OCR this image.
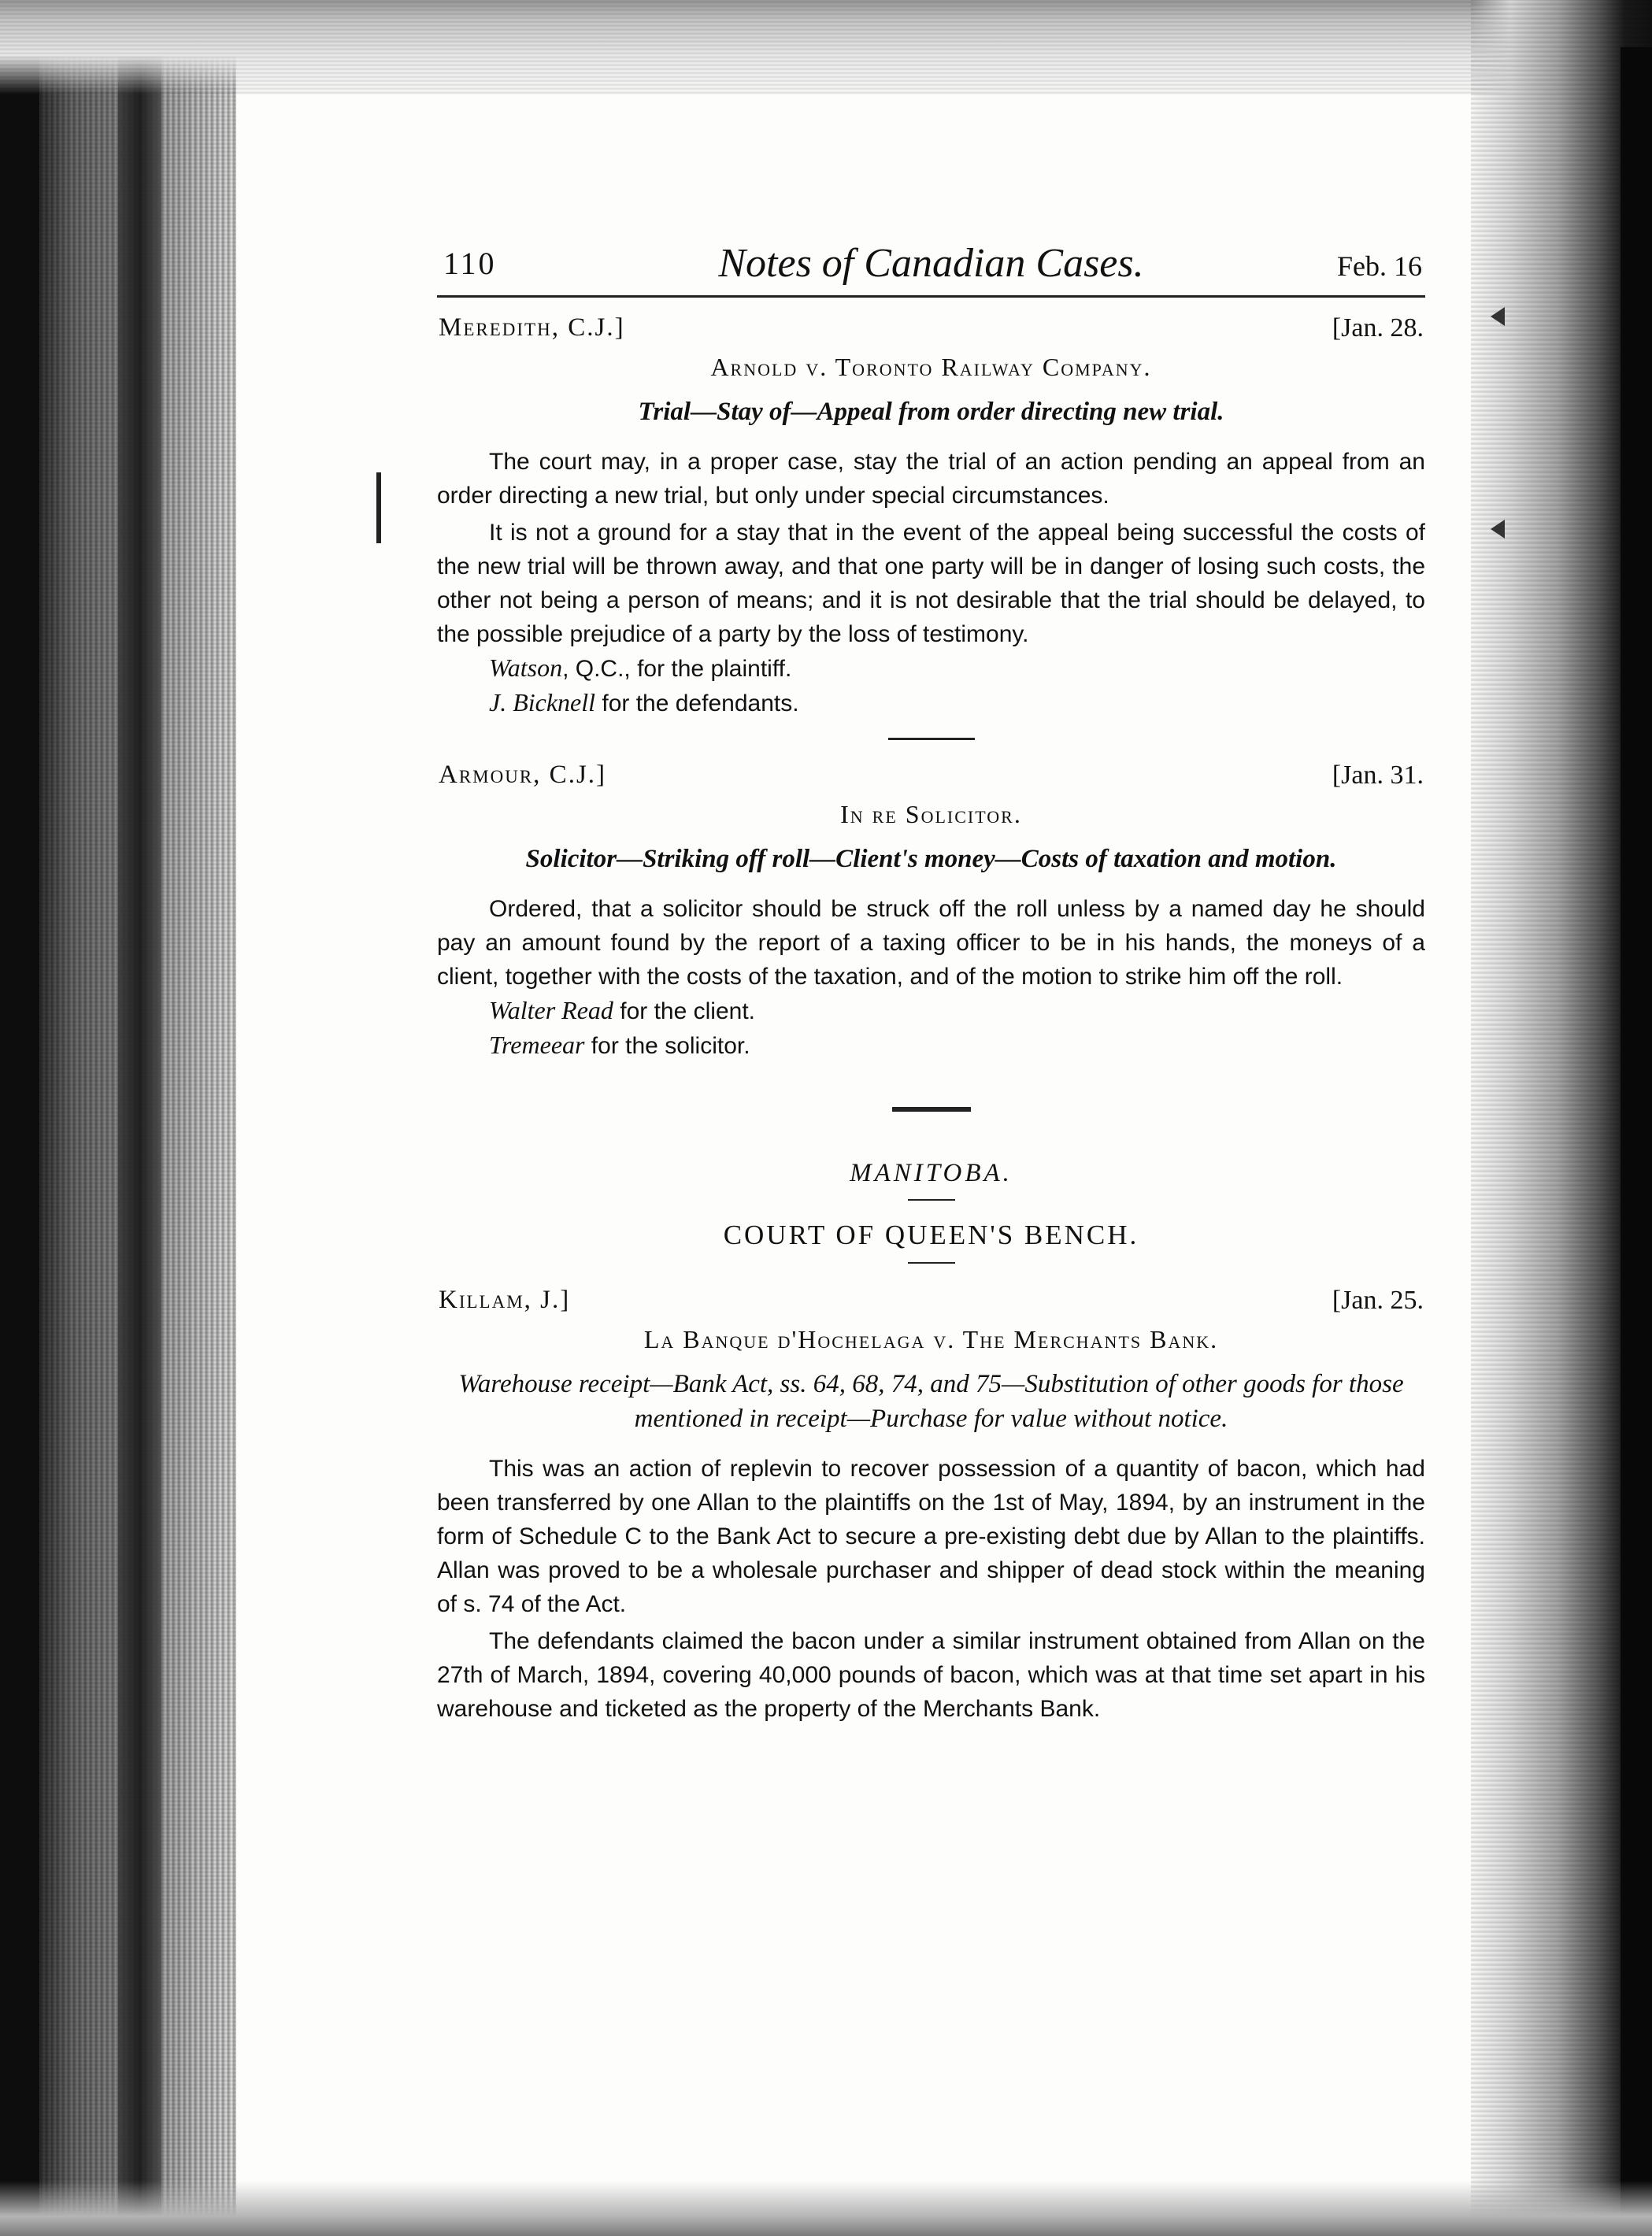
110	Notes of Canadian Cases.	Feb. 16
Meredith, C.J.]	[Jan. 28.
Arnold v. Toronto Railway Company.
Trial—Stay of—Appeal from order directing new trial.

The court may, in a proper case, stay the trial of an action pending an appeal from an order directing a new trial, but only under special circumstances.

It is not a ground for a stay that in the event of the appeal being successful the costs of the new trial will be thrown away, and that one party will be in danger of losing such costs, the other not being a person of means; and it is not desirable that the trial should be delayed, to the possible prejudice of a party by the loss of testimony.

Watson, Q.C., for the plaintiff.
J. Bicknell for the defendants.
Armour, C.J.]	[Jan. 31.
In re Solicitor.
Solicitor—Striking off roll—Client's money—Costs of taxation and motion.

Ordered, that a solicitor should be struck off the roll unless by a named day he should pay an amount found by the report of a taxing officer to be in his hands, the moneys of a client, together with the costs of the taxation, and of the motion to strike him off the roll.

Walter Read for the client.
Tremeear for the solicitor.
MANITOBA.
COURT OF QUEEN'S BENCH.
Killam, J.]	[Jan. 25.
La Banque d'Hochelaga v. The Merchants Bank.
Warehouse receipt—Bank Act, ss. 64, 68, 74, and 75—Substitution of other goods for those mentioned in receipt—Purchase for value without notice.

This was an action of replevin to recover possession of a quantity of bacon, which had been transferred by one Allan to the plaintiffs on the 1st of May, 1894, by an instrument in the form of Schedule C to the Bank Act to secure a pre-existing debt due by Allan to the plaintiffs. Allan was proved to be a wholesale purchaser and shipper of dead stock within the meaning of s. 74 of the Act.

The defendants claimed the bacon under a similar instrument obtained from Allan on the 27th of March, 1894, covering 40,000 pounds of bacon, which was at that time set apart in his warehouse and ticketed as the property of the Merchants Bank.
